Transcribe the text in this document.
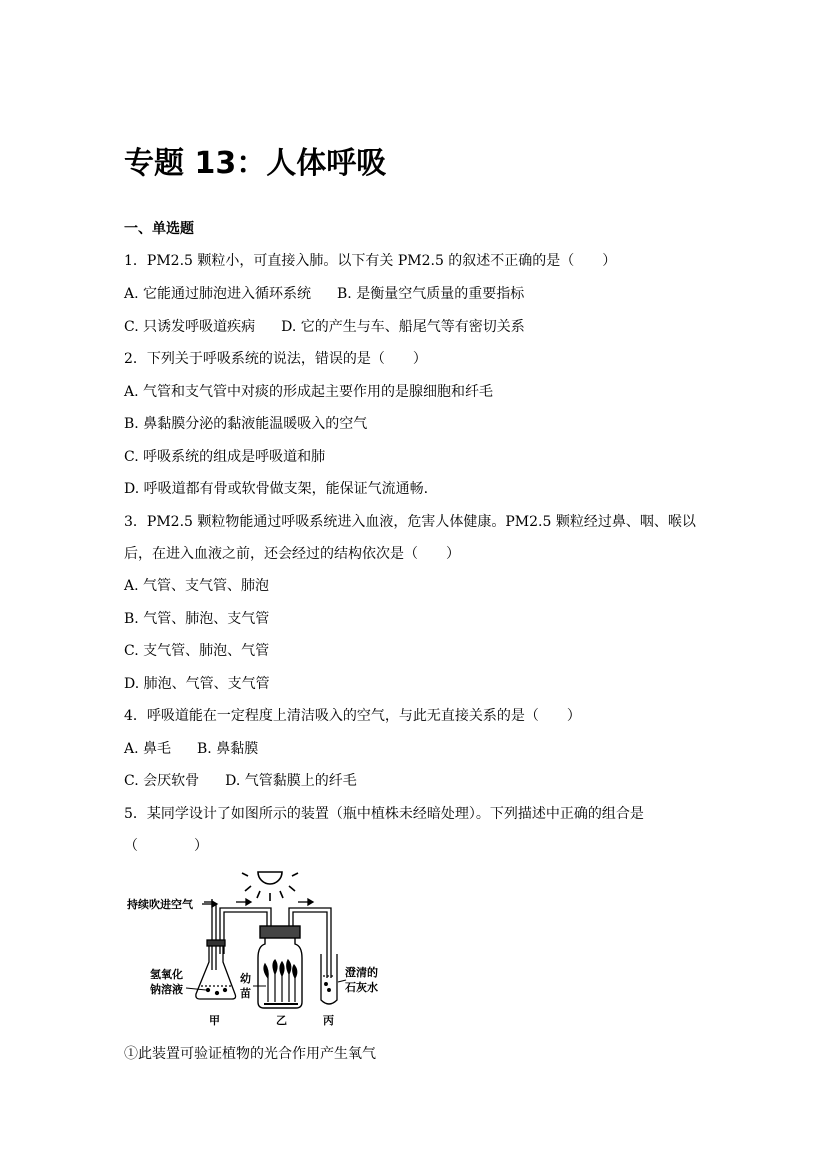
专题 13：人体呼吸
一、单选题
1．PM2.5 颗粒小，可直接入肺。以下有关 PM2.5 的叙述不正确的是（　　）
A. 它能通过肺泡进入循环系统 B. 是衡量空气质量的重要指标
C. 只诱发呼吸道疾病 D. 它的产生与车、船尾气等有密切关系
2．下列关于呼吸系统的说法，错误的是（　　）
A. 气管和支气管中对痰的形成起主要作用的是腺细胞和纤毛
B. 鼻黏膜分泌的黏液能温暖吸入的空气
C. 呼吸系统的组成是呼吸道和肺
D. 呼吸道都有骨或软骨做支架，能保证气流通畅.
3．PM2.5 颗粒物能通过呼吸系统进入血液，危害人体健康。PM2.5 颗粒经过鼻、咽、喉以
后，在进入血液之前，还会经过的结构依次是（　　）
A. 气管、支气管、肺泡
B. 气管、肺泡、支气管
C. 支气管、肺泡、气管
D. 肺泡、气管、支气管
4．呼吸道能在一定程度上清洁吸入的空气，与此无直接关系的是（　　）
A. 鼻毛 B. 鼻黏膜
C. 会厌软骨 D. 气管黏膜上的纤毛
5．某同学设计了如图所示的装置（瓶中植株未经暗处理）。下列描述中正确的组合是
（　　　　）
持续吹进空气
氢氧化
钠溶液
幼
苗
澄清的
石灰水
甲	乙	丙
①此装置可验证植物的光合作用产生氧气
